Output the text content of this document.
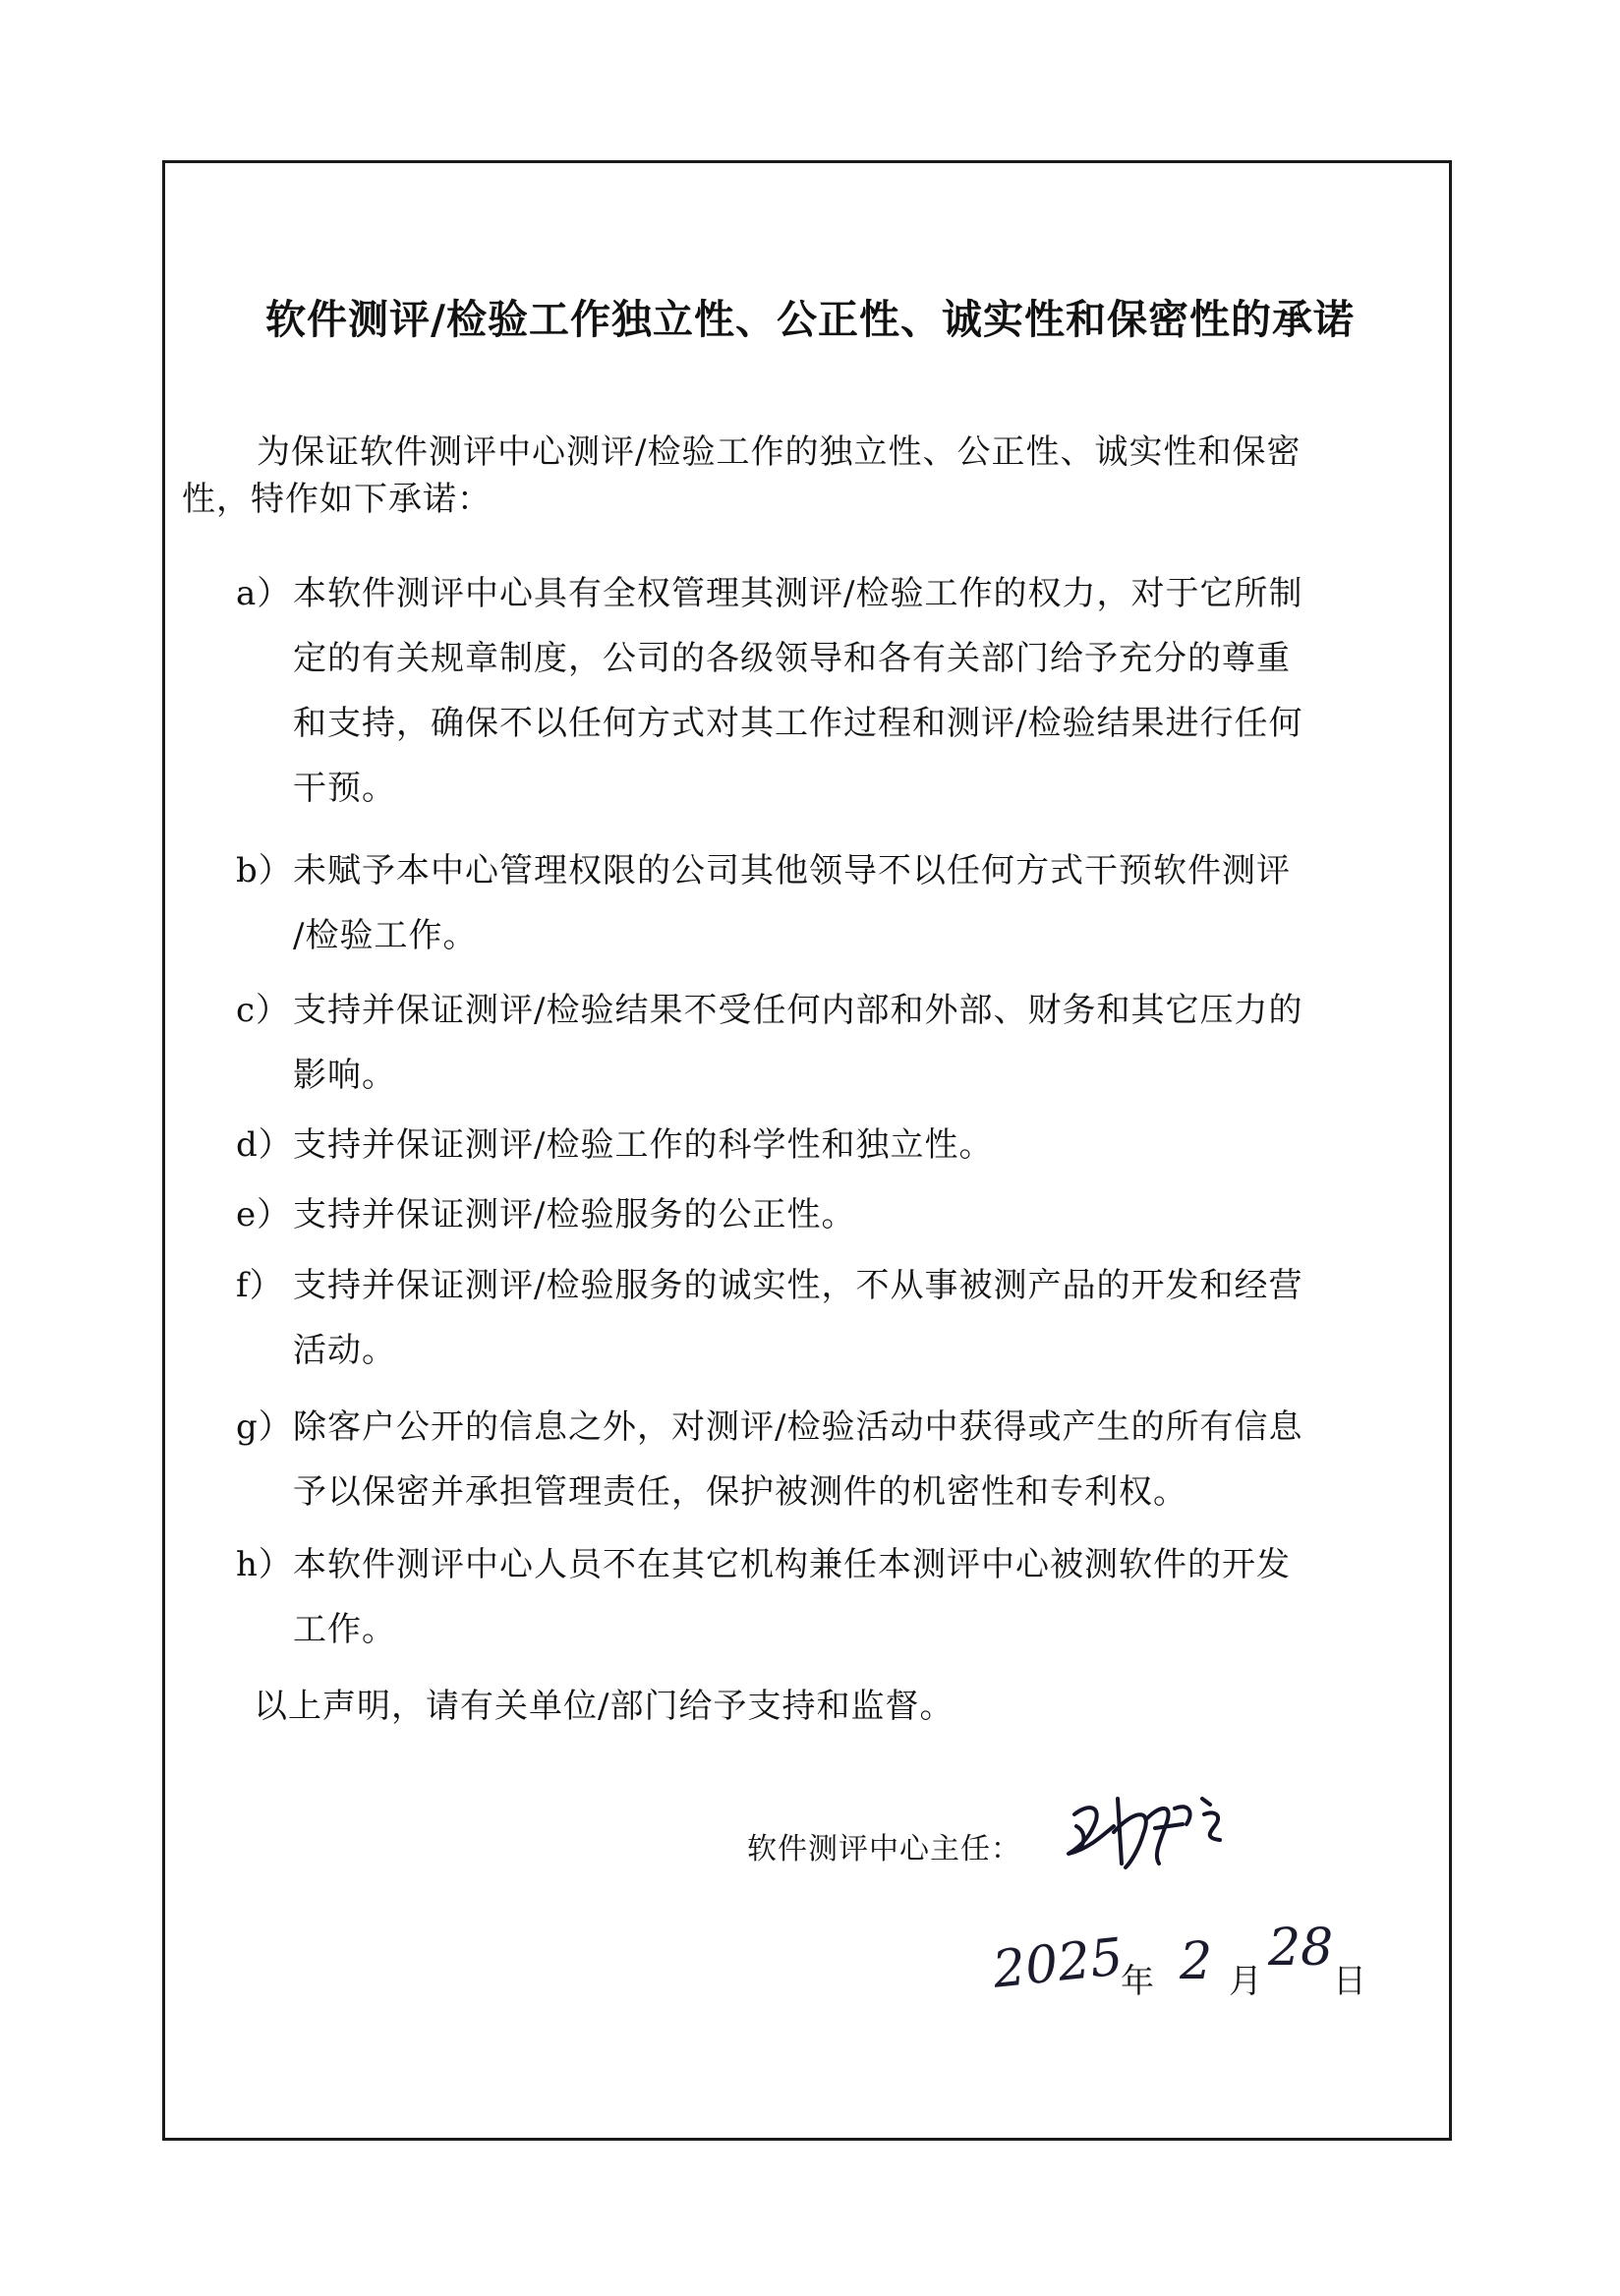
软件测评/检验工作独立性、公正性、诚实性和保密性的承诺
为保证软件测评中心测评/检验工作的独立性、公正性、诚实性和保密
性，特作如下承诺：
a） 本软件测评中心具有全权管理其测评/检验工作的权力，对于它所制
定的有关规章制度，公司的各级领导和各有关部门给予充分的尊重
和支持，确保不以任何方式对其工作过程和测评/检验结果进行任何
干预。
b） 未赋予本中心管理权限的公司其他领导不以任何方式干预软件测评
/检验工作。
c） 支持并保证测评/检验结果不受任何内部和外部、财务和其它压力的
影响。
d） 支持并保证测评/检验工作的科学性和独立性。
e） 支持并保证测评/检验服务的公正性。
f） 支持并保证测评/检验服务的诚实性，不从事被测产品的开发和经营
活动。
g） 除客户公开的信息之外，对测评/检验活动中获得或产生的所有信息
予以保密并承担管理责任，保护被测件的机密性和专利权。
h） 本软件测评中心人员不在其它机构兼任本测评中心被测软件的开发
工作。
以上声明，请有关单位/部门给予支持和监督。
软件测评中心主任：
2025
年 2 月
28
日
